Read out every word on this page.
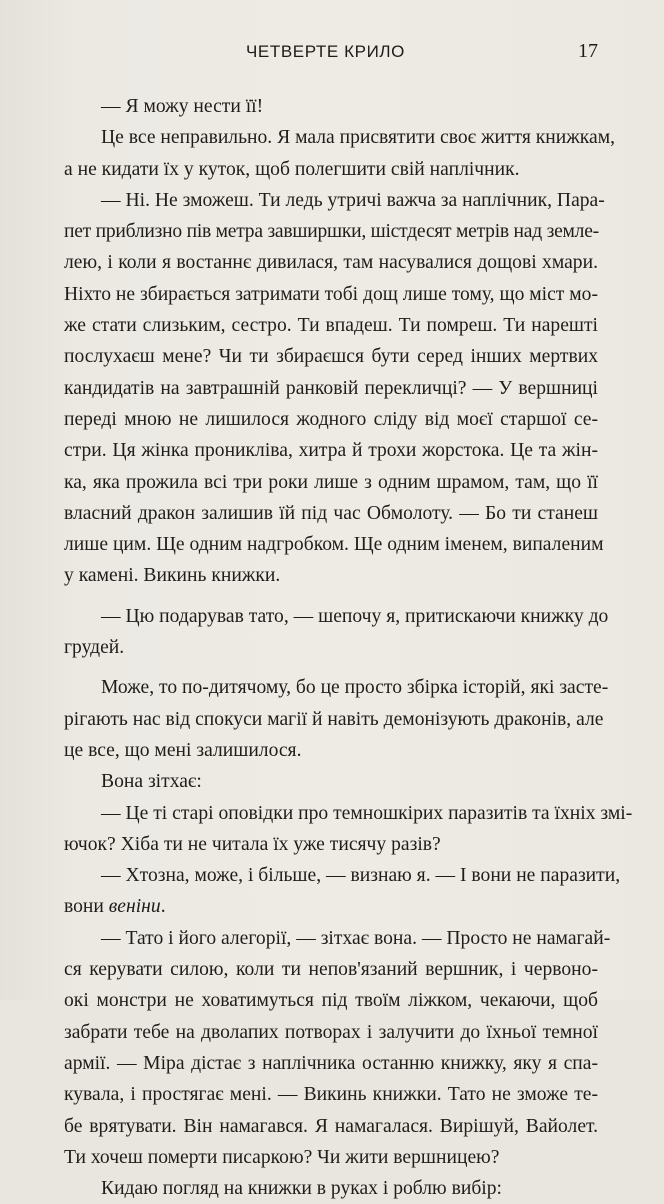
ЧЕТВЕРТЕ КРИЛО	17
— Я можу нести її!
Це все неправильно. Я мала присвятити своє життя книжкам,
а не кидати їх у куток, щоб полегшити свій наплічник.
— Ні. Не зможеш. Ти ледь утричі важча за наплічник, Пара-
пет приблизно пів метра завширшки, шістдесят метрів над земле-
лею, і коли я востаннє дивилася, там насувалися дощові хмари.
Ніхто не збирається затримати тобі дощ лише тому, що міст мо-
же стати слизьким, сестро. Ти впадеш. Ти помреш. Ти нарешті
послухаєш мене? Чи ти збираєшся бути серед інших мертвих
кандидатів на завтрашній ранковій перекличці? — У вершниці
переді мною не лишилося жодного сліду від моєї старшої се-
стри. Ця жінка проникліва, хитра й трохи жорстока. Це та жін-
ка, яка прожила всі три роки лише з одним шрамом, там, що її
власний дракон залишив їй під час Обмолоту. — Бо ти станеш
лише цим. Ще одним надгробком. Ще одним іменем, випаленим
у камені. Викинь книжки.
— Цю подарував тато, — шепочу я, притискаючи книжку до
грудей.
Може, то по-дитячому, бо це просто збірка історій, які засте-
рігають нас від спокуси магії й навіть демонізують драконів, але
це все, що мені залишилося.
Вона зітхає:
— Це ті старі оповідки про темношкірих паразитів та їхніх змі-
ючок? Хіба ти не читала їх уже тисячу разів?
— Хтозна, може, і більше, — визнаю я. — І вони не паразити,
вони веніни.
— Тато і його алегорії, — зітхає вона. — Просто не намагай-
ся керувати силою, коли ти непов'язаний вершник, і червоно-
окі монстри не ховатимуться під твоїм ліжком, чекаючи, щоб
забрати тебе на дволапих потворах і залучити до їхньої темної
армії. — Міра дістає з наплічника останню книжку, яку я спа-
кувала, і простягає мені. — Викинь книжки. Тато не зможе те-
бе врятувати. Він намагався. Я намагалася. Вирішуй, Вайолет.
Ти хочеш померти писаркою? Чи жити вершницею?
Кидаю погляд на книжки в руках і роблю вибір:
